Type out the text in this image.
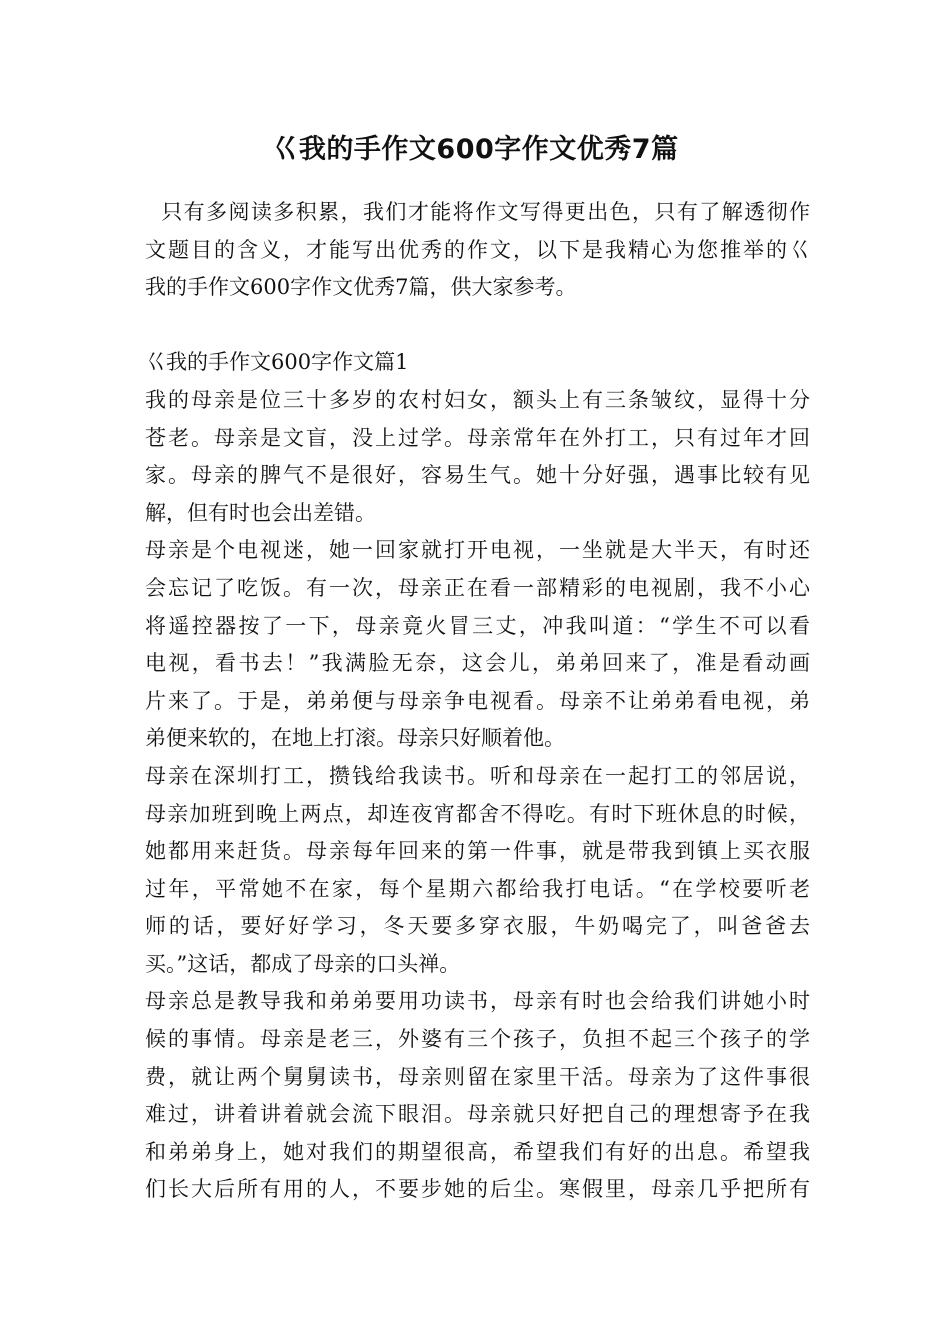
巜我的手作文600字作文优秀7篇
只有多阅读多积累，我们才能将作文写得更出色，只有了解透彻作
文题目的含义，才能写出优秀的作文，以下是我精心为您推举的巜
我的手作文600字作文优秀7篇，供大家参考。
巜我的手作文600字作文篇1
我的母亲是位三十多岁的农村妇女，额头上有三条皱纹，显得十分
苍老。母亲是文盲，没上过学。母亲常年在外打工，只有过年才回
家。母亲的脾气不是很好，容易生气。她十分好强，遇事比较有见
解，但有时也会出差错。
母亲是个电视迷，她一回家就打开电视，一坐就是大半天，有时还
会忘记了吃饭。有一次，母亲正在看一部精彩的电视剧，我不小心
将遥控器按了一下，母亲竟火冒三丈，冲我叫道：“学生不可以看
电视，看书去！”我满脸无奈，这会儿，弟弟回来了，准是看动画
片来了。于是，弟弟便与母亲争电视看。母亲不让弟弟看电视，弟
弟便来软的，在地上打滚。母亲只好顺着他。
母亲在深圳打工，攒钱给我读书。听和母亲在一起打工的邻居说，
母亲加班到晚上两点，却连夜宵都舍不得吃。有时下班休息的时候，
她都用来赶货。母亲每年回来的第一件事，就是带我到镇上买衣服
过年，平常她不在家，每个星期六都给我打电话。“在学校要听老
师的话，要好好学习，冬天要多穿衣服，牛奶喝完了，叫爸爸去
买。”这话，都成了母亲的口头禅。
母亲总是教导我和弟弟要用功读书，母亲有时也会给我们讲她小时
候的事情。母亲是老三，外婆有三个孩子，负担不起三个孩子的学
费，就让两个舅舅读书，母亲则留在家里干活。母亲为了这件事很
难过，讲着讲着就会流下眼泪。母亲就只好把自己的理想寄予在我
和弟弟身上，她对我们的期望很高，希望我们有好的出息。希望我
们长大后所有用的人，不要步她的后尘。寒假里，母亲几乎把所有
